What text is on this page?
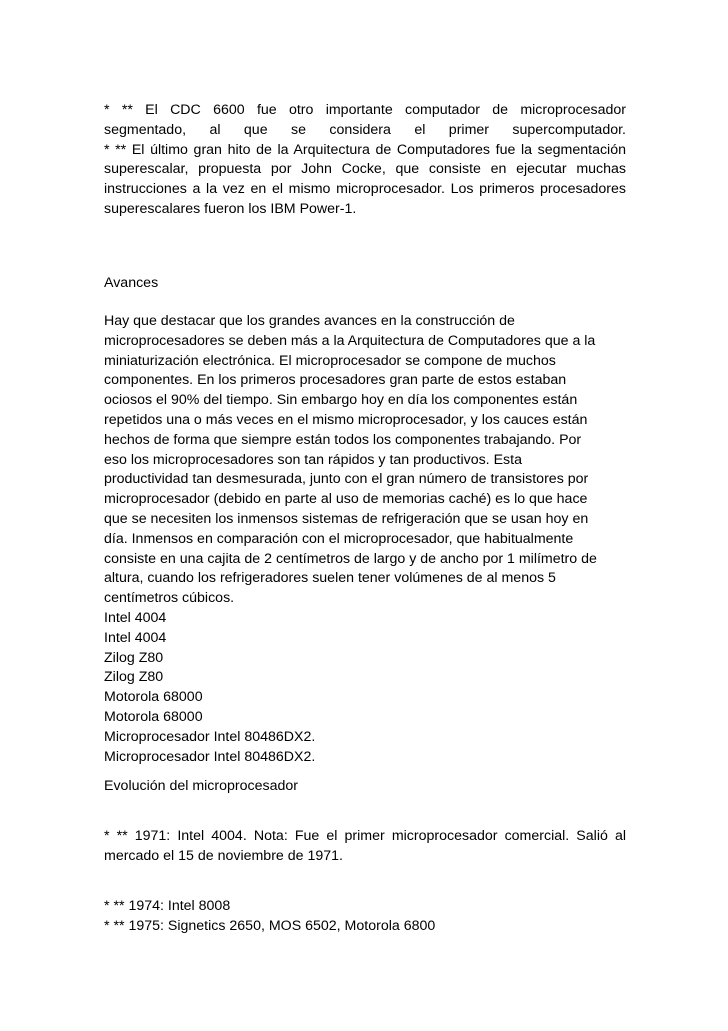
* ** El CDC 6600 fue otro importante computador de microprocesador
segmentado, al que se considera el primer supercomputador.

* ** El último gran hito de la Arquitectura de Computadores fue la segmentación superescalar, propuesta por John Cocke, que consiste en ejecutar muchas instrucciones a la vez en el mismo microprocesador. Los primeros procesadores superescalares fueron los IBM Power-1.

Avances

Hay que destacar que los grandes avances en la construcción de
microprocesadores se deben más a la Arquitectura de Computadores que a la
miniaturización electrónica. El microprocesador se compone de muchos
componentes. En los primeros procesadores gran parte de estos estaban
ociosos el 90% del tiempo. Sin embargo hoy en día los componentes están
repetidos una o más veces en el mismo microprocesador, y los cauces están
hechos de forma que siempre están todos los componentes trabajando. Por
eso los microprocesadores son tan rápidos y tan productivos. Esta
productividad tan desmesurada, junto con el gran número de transistores por
microprocesador (debido en parte al uso de memorias caché) es lo que hace
que se necesiten los inmensos sistemas de refrigeración que se usan hoy en
día. Inmensos en comparación con el microprocesador, que habitualmente
consiste en una cajita de 2 centímetros de largo y de ancho por 1 milímetro de
altura, cuando los refrigeradores suelen tener volúmenes de al menos 5
centímetros cúbicos.
Intel 4004
Intel 4004
Zilog Z80
Zilog Z80
Motorola 68000
Motorola 68000
Microprocesador Intel 80486DX2.
Microprocesador Intel 80486DX2.

Evolución del microprocesador

* ** 1971: Intel 4004. Nota: Fue el primer microprocesador comercial. Salió al mercado el 15 de noviembre de 1971.

* ** 1974: Intel 8008
* ** 1975: Signetics 2650, MOS 6502, Motorola 6800
